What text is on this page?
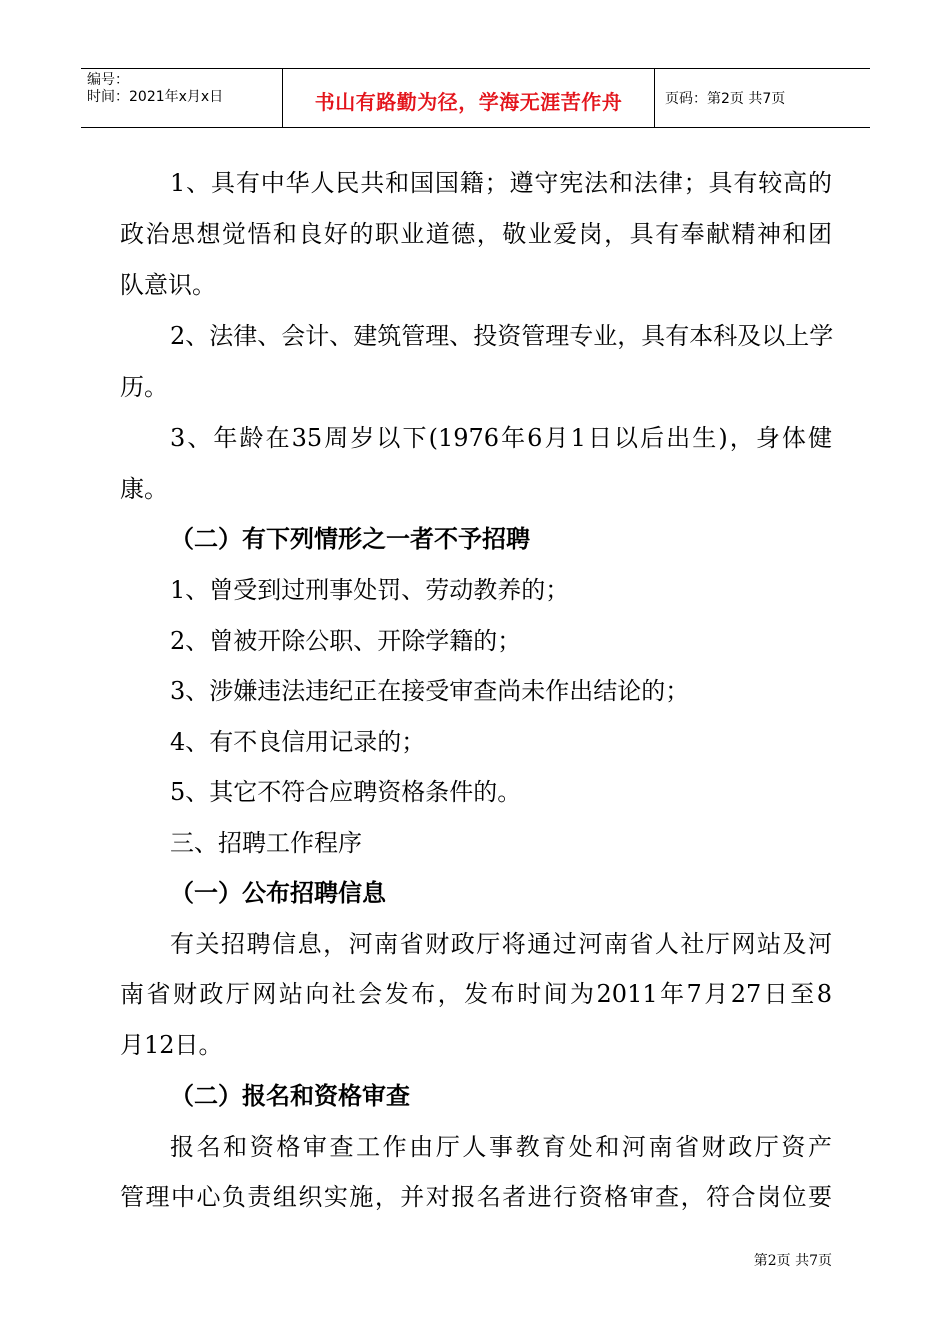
编号：
时间：2021年x月x日	书山有路勤为径，学海无涯苦作舟	页码：第2页 共7页
1、具有中华人民共和国国籍；遵守宪法和法律；具有较高的
政治思想觉悟和良好的职业道德，敬业爱岗，具有奉献精神和团
队意识。
2、法律、会计、建筑管理、投资管理专业，具有本科及以上学
历。
3、年龄在35周岁以下(1976年6月1日以后出生)，身体健
康。
（二）有下列情形之一者不予招聘
1、曾受到过刑事处罚、劳动教养的；
2、曾被开除公职、开除学籍的；
3、涉嫌违法违纪正在接受审查尚未作出结论的；
4、有不良信用记录的；
5、其它不符合应聘资格条件的。
三、招聘工作程序
（一）公布招聘信息
有关招聘信息，河南省财政厅将通过河南省人社厅网站及河
南省财政厅网站向社会发布，发布时间为2011年7月27日至8
月12日。
（二）报名和资格审查
报名和资格审查工作由厅人事教育处和河南省财政厅资产
管理中心负责组织实施，并对报名者进行资格审查，符合岗位要
第2页 共7页
